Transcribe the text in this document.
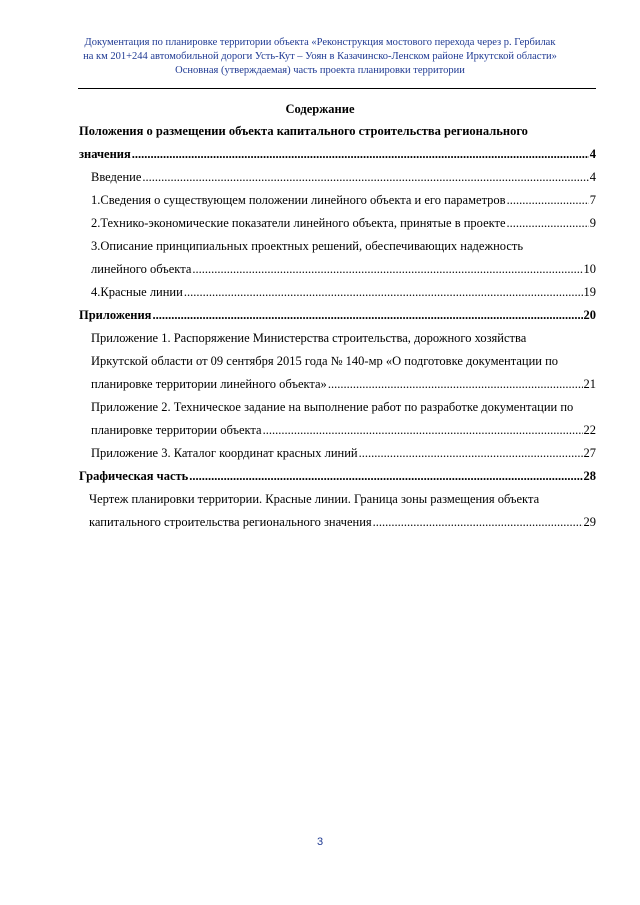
Документация по планировке территории объекта «Реконструкция мостового перехода через р. Гербилак
на км 201+244 автомобильной дороги Усть-Кут – Уоян в Казачинско-Ленском районе Иркутской области»
Основная (утверждаемая) часть проекта планировки территории
Содержание
Положения о размещении объекта капитального строительства регионального
значения .....	4
Введение .....	4
1.Сведения о существующем положении линейного объекта и его параметров .....	7
2.Технико-экономические показатели линейного объекта, принятые в проекте .....	9
3.Описание принципиальных проектных решений, обеспечивающих надежность
линейного объекта .....	10
4.Красные линии .....	19
Приложения .....	20
Приложение 1. Распоряжение Министерства строительства, дорожного хозяйства
Иркутской области от 09 сентября 2015 года № 140-мр «О подготовке документации по
планировке территории линейного объекта» .....	21
Приложение 2. Техническое задание на выполнение работ по разработке документации по
планировке территории объекта .....	22
Приложение 3. Каталог координат красных линий .....	27
Графическая часть .....	28
Чертеж планировки территории. Красные линии. Граница зоны размещения объекта
капитального строительства регионального значения .....	29
3
